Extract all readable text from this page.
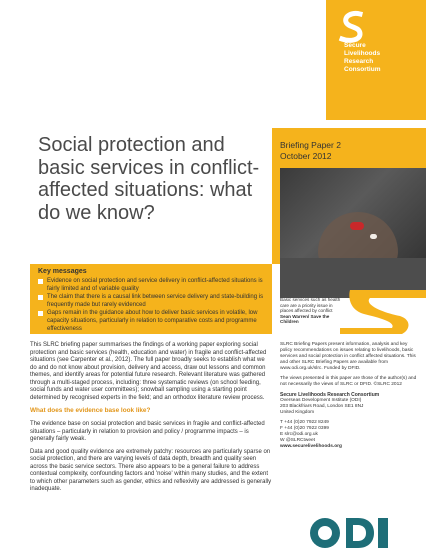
Secure
Livelihoods
Research
Consortium
Social protection and basic services in conflict-affected situations: what do we know?
Briefing Paper 2
October 2012
Basic services such as health care are a priority issue in places affected by conflict
Sean Warren/ Save the Children
Key messages
Evidence on social protection and service delivery in conflict-affected situations is fairly limited and of variable quality
The claim that there is a causal link between service delivery and state-building is frequently made but rarely evidenced
Gaps remain in the guidance about how to deliver basic services in volatile, low capacity situations, particularly in relation to comparative costs and programme effectiveness

This SLRC briefing paper summarises the findings of a working paper exploring social protection and basic services (health, education and water) in fragile and conflict-affected situations (see Carpenter et al., 2012). The full paper broadly seeks to establish what we do and do not know about provision, delivery and access, draw out lessons and common themes, and identify areas for potential future research. Relevant literature was gathered through a multi-staged process, including: three systematic reviews (on school feeding, social funds and water user committees); snowball sampling using a starting point determined by recognised experts in the field; and an orthodox literature review process.

What does the evidence base look like?

The evidence base on social protection and basic services in fragile and conflict-affected situations – particularly in relation to provision and policy / programme impacts – is generally fairly weak.

Data and good quality evidence are extremely patchy: resources are particularly sparse on social protection, and there are varying levels of data depth, breadth and quality seen across the basic service sectors. There also appears to be a general failure to address contextual complexity, confounding factors and 'noise' within many studies, and the extent to which other parameters such as gender, ethics and reflexivity are addressed is generally inadequate.

SLRC Briefing Papers present information, analysis and key policy recommendations on issues relating to livelihoods, basic services and social protection in conflict affected situations. This and other SLRC Briefing Papers are available from www.odi.org.uk/slrc. Funded by DFID.

The views presented in this paper are those of the author(s) and not necessarily the views of SLRC or DFID. ©SLRC 2012

Secure Livelihoods Research Consortium
Overseas Development Institute (ODI)
203 Blackfriars Road, London SE1 8NJ
United Kingdom
T +44 (0)20 7922 8249
F +44 (0)20 7922 0399
E slrc@odi.org.uk
W @SLRCtweet
www.securelivelihoods.org
